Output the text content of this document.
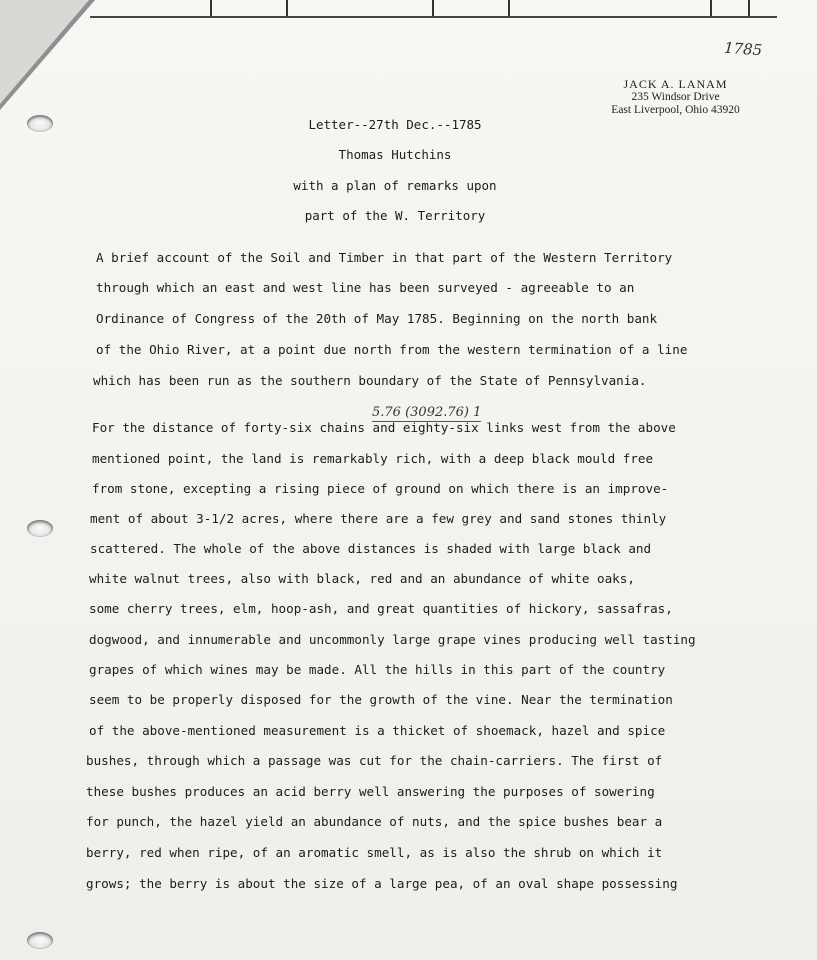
1785
JACK A. LANAM
235 Windsor Drive
East Liverpool, Ohio 43920
Letter--27th Dec.--1785
Thomas Hutchins
with a plan of remarks upon
part of the W. Territory
A brief account of the Soil and Timber in that part of the Western Territory
through which an east and west line has been surveyed - agreeable to an
Ordinance of Congress of the 20th of May 1785. Beginning on the north bank
of the Ohio River, at a point due north from the western termination of a line
which has been run as the southern boundary of the State of Pennsylvania.
5.76 (3092.76) 1
For the distance of forty-six chains and eighty-six links west from the above
mentioned point, the land is remarkably rich, with a deep black mould free
from stone, excepting a rising piece of ground on which there is an improve-
ment of about 3-1/2 acres, where there are a few grey and sand stones thinly
scattered. The whole of the above distances is shaded with large black and
white walnut trees, also with black, red and an abundance of white oaks,
some cherry trees, elm, hoop-ash, and great quantities of hickory, sassafras,
dogwood, and innumerable and uncommonly large grape vines producing well tasting
grapes of which wines may be made. All the hills in this part of the country
seem to be properly disposed for the growth of the vine. Near the termination
of the above-mentioned measurement is a thicket of shoemack, hazel and spice
bushes, through which a passage was cut for the chain-carriers. The first of
these bushes produces an acid berry well answering the purposes of sowering
for punch, the hazel yield an abundance of nuts, and the spice bushes bear a
berry, red when ripe, of an aromatic smell, as is also the shrub on which it
grows; the berry is about the size of a large pea, of an oval shape possessing
